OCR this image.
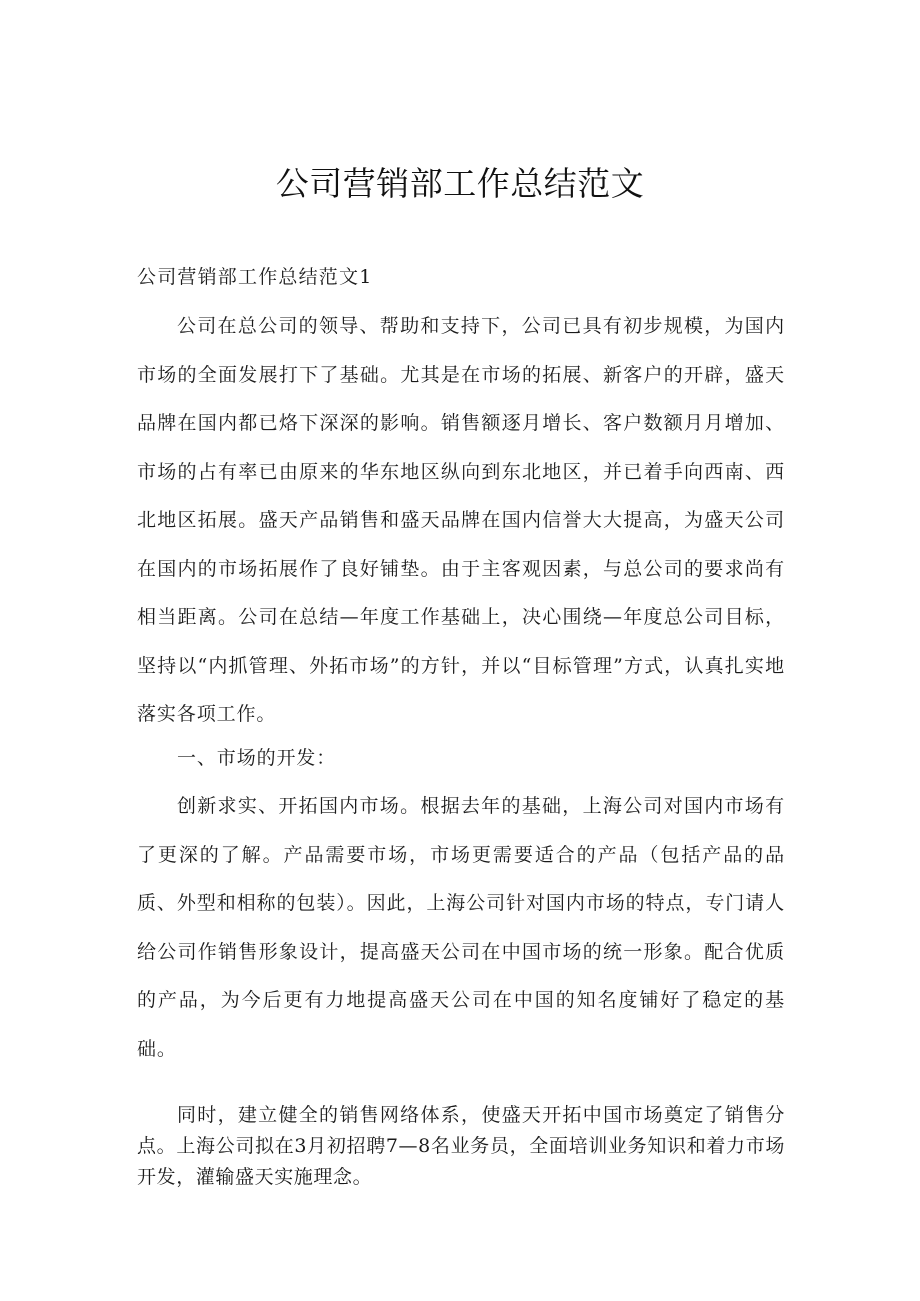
公司营销部工作总结范文

公司营销部工作总结范文1

公司在总公司的领导、帮助和支持下，公司已具有初步规模，为国内市场的全面发展打下了基础。尤其是在市场的拓展、新客户的开辟，盛天品牌在国内都已烙下深深的影响。销售额逐月增长、客户数额月月增加、市场的占有率已由原来的华东地区纵向到东北地区，并已着手向西南、西北地区拓展。盛天产品销售和盛天品牌在国内信誉大大提高，为盛天公司在国内的市场拓展作了良好铺垫。由于主客观因素，与总公司的要求尚有相当距离。公司在总结—年度工作基础上，决心围绕—年度总公司目标，坚持以“内抓管理、外拓市场”的方针，并以“目标管理”方式，认真扎实地落实各项工作。

一、市场的开发：

创新求实、开拓国内市场。根据去年的基础，上海公司对国内市场有了更深的了解。产品需要市场，市场更需要适合的产品（包括产品的品质、外型和相称的包装）。因此，上海公司针对国内市场的特点，专门请人给公司作销售形象设计，提高盛天公司在中国市场的统一形象。配合优质的产品，为今后更有力地提高盛天公司在中国的知名度铺好了稳定的基础。

同时，建立健全的销售网络体系，使盛天开拓中国市场奠定了销售分点。上海公司拟在3月初招聘7—8名业务员，全面培训业务知识和着力市场开发，灌输盛天实施理念。
